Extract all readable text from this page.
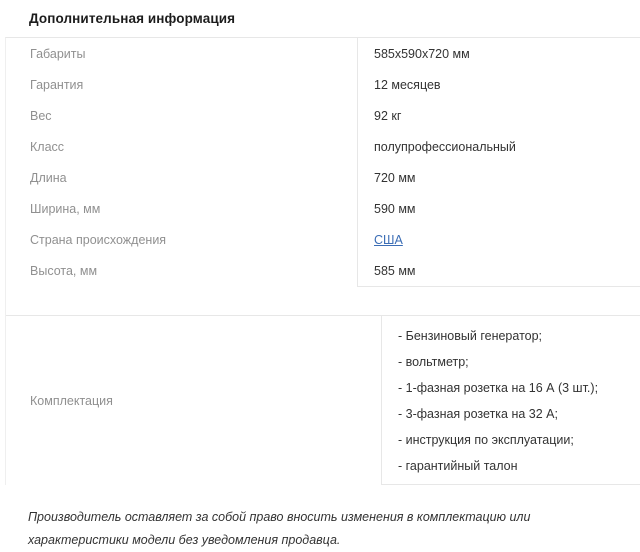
Дополнительная информация
Габариты
Гарантия
Вес
Класс
Длина
Ширина, мм
Страна происхождения
Высота, мм
585x590x720 мм
12 месяцев
92 кг
полупрофессиональный
720 мм
590 мм
США
585 мм
Комплектация
- Бензиновый генератор;
- вольтметр;
- 1-фазная розетка на 16 А (3 шт.);
- 3-фазная розетка на 32 А;
- инструкция по эксплуатации;
- гарантийный талон

Производитель оставляет за собой право вносить изменения в комплектацию или характеристики модели без уведомления продавца.
